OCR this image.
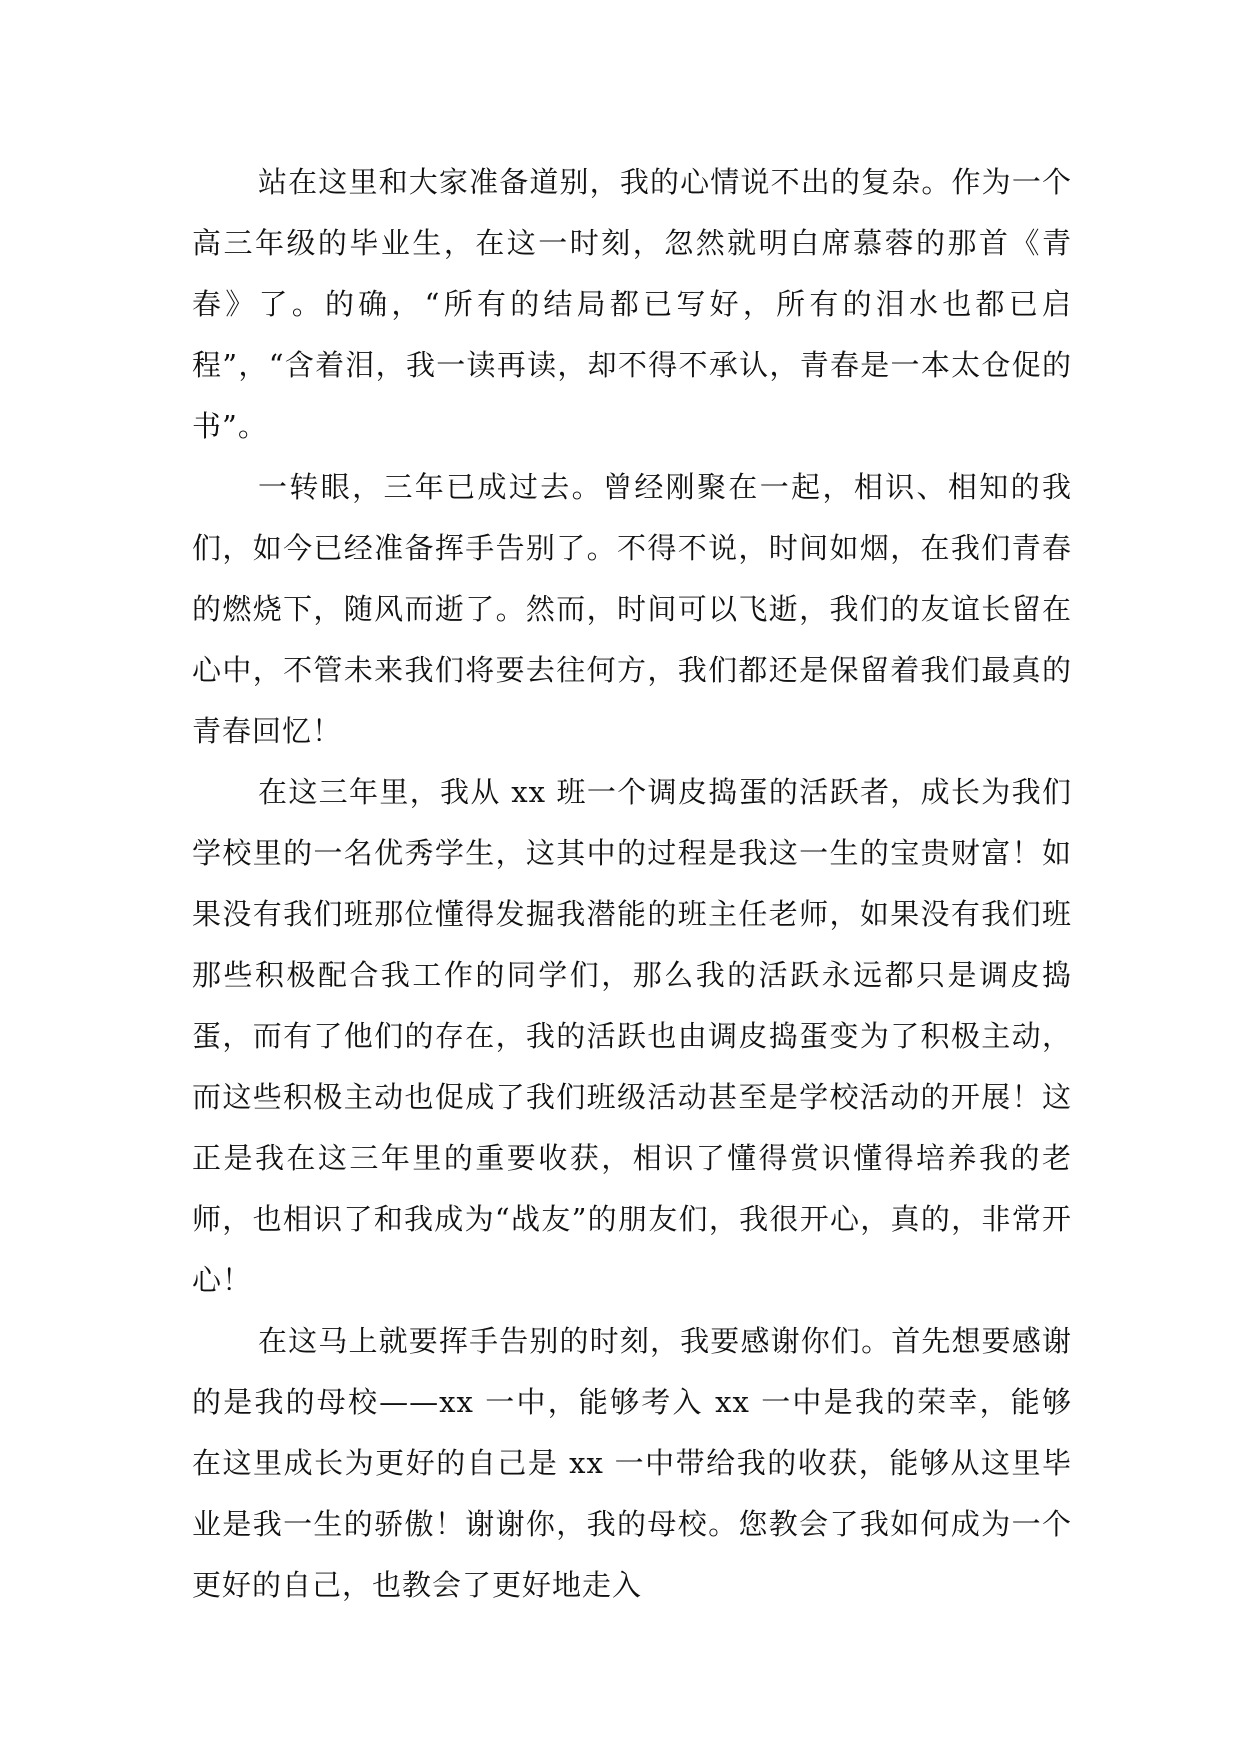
站在这里和大家准备道别，我的心情说不出的复杂。作为一个高三年级的毕业生，在这一时刻，忽然就明白席慕蓉的那首《青春》了。的确，“所有的结局都已写好，所有的泪水也都已启程”，“含着泪，我一读再读，却不得不承认，青春是一本太仓促的书”。

一转眼，三年已成过去。曾经刚聚在一起，相识、相知的我们，如今已经准备挥手告别了。不得不说，时间如烟，在我们青春的燃烧下，随风而逝了。然而，时间可以飞逝，我们的友谊长留在心中，不管未来我们将要去往何方，我们都还是保留着我们最真的青春回忆！

在这三年里，我从 xx 班一个调皮捣蛋的活跃者，成长为我们学校里的一名优秀学生，这其中的过程是我这一生的宝贵财富！如果没有我们班那位懂得发掘我潜能的班主任老师，如果没有我们班那些积极配合我工作的同学们，那么我的活跃永远都只是调皮捣蛋，而有了他们的存在，我的活跃也由调皮捣蛋变为了积极主动，而这些积极主动也促成了我们班级活动甚至是学校活动的开展！这正是我在这三年里的重要收获，相识了懂得赏识懂得培养我的老师，也相识了和我成为“战友”的朋友们，我很开心，真的，非常开心！

在这马上就要挥手告别的时刻，我要感谢你们。首先想要感谢的是我的母校——xx 一中，能够考入 xx 一中是我的荣幸，能够在这里成长为更好的自己是 xx 一中带给我的收获，能够从这里毕业是我一生的骄傲！谢谢你，我的母校。您教会了我如何成为一个更好的自己，也教会了更好地走入
